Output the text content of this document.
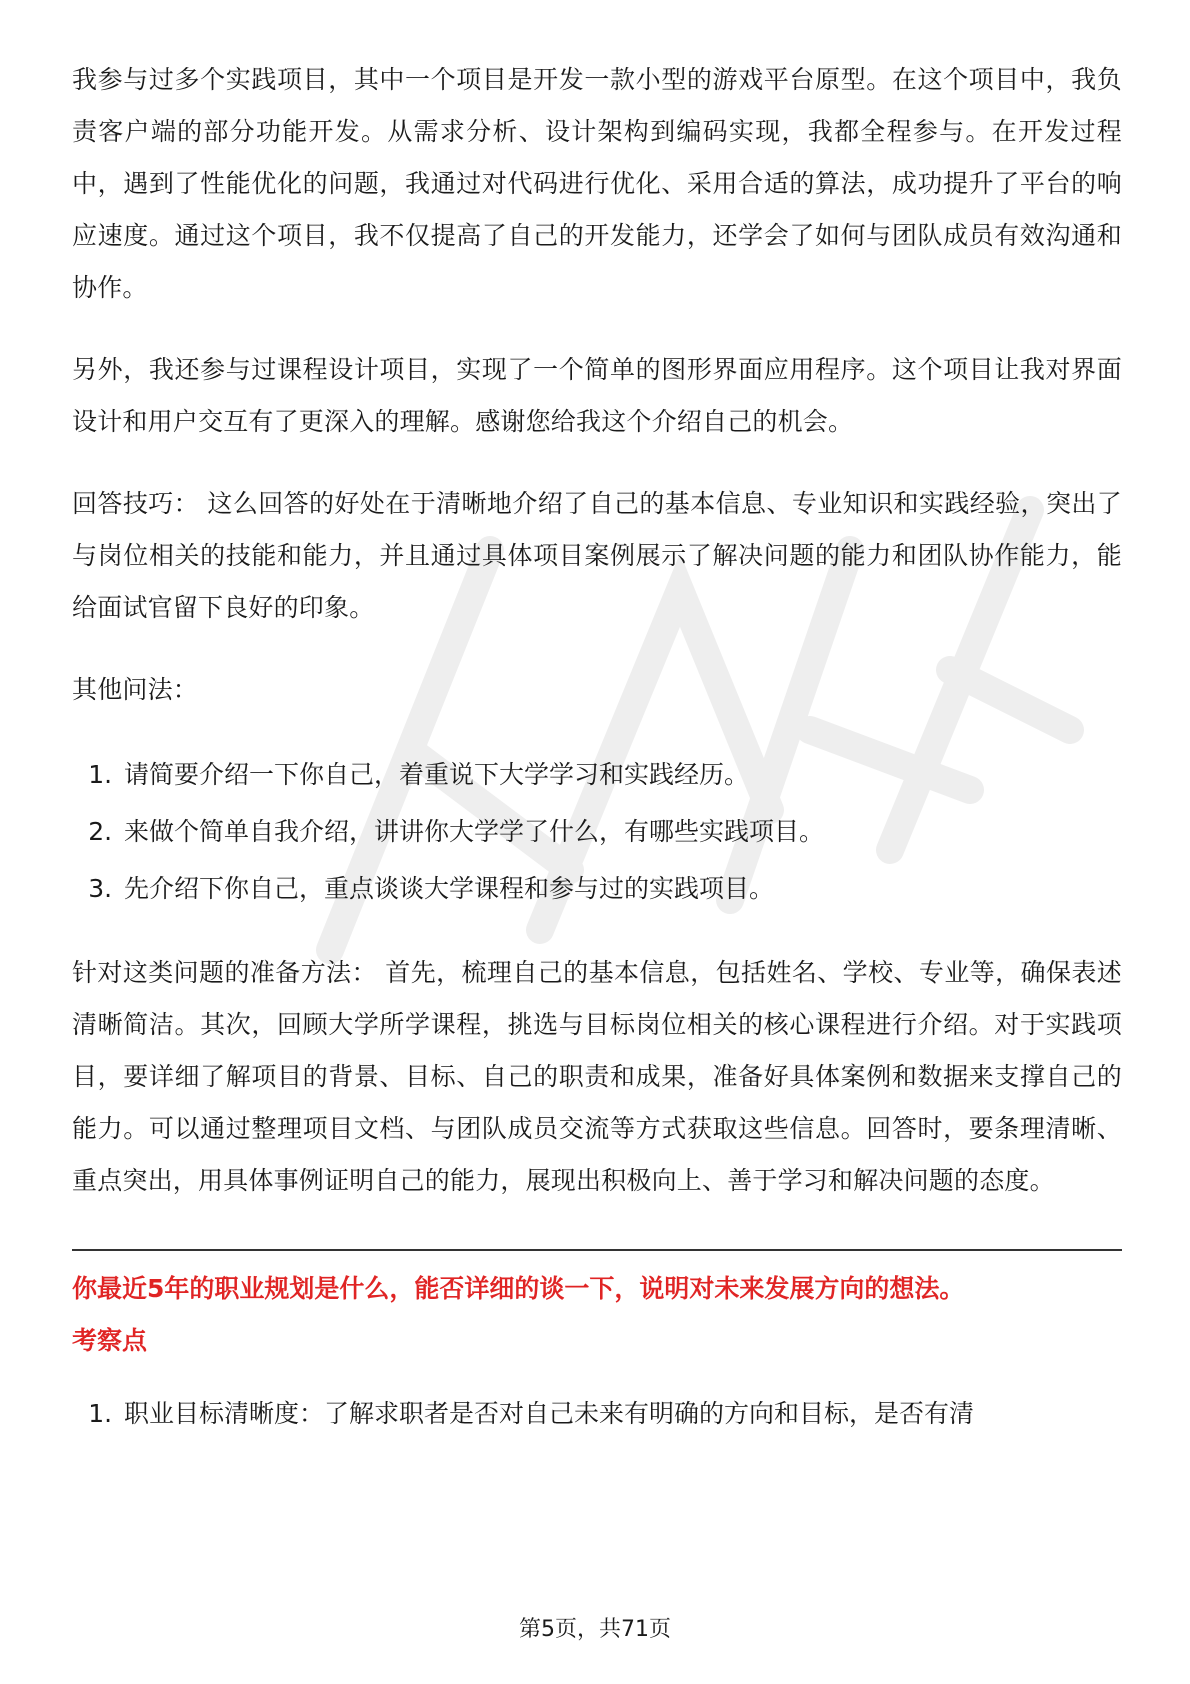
我参与过多个实践项目，其中一个项目是开发一款小型的游戏平台原型。在这个项目中，我负责客户端的部分功能开发。从需求分析、设计架构到编码实现，我都全程参与。在开发过程中，遇到了性能优化的问题，我通过对代码进行优化、采用合适的算法，成功提升了平台的响应速度。通过这个项目，我不仅提高了自己的开发能力，还学会了如何与团队成员有效沟通和协作。

另外，我还参与过课程设计项目，实现了一个简单的图形界面应用程序。这个项目让我对界面设计和用户交互有了更深入的理解。感谢您给我这个介绍自己的机会。

回答技巧： 这么回答的好处在于清晰地介绍了自己的基本信息、专业知识和实践经验，突出了与岗位相关的技能和能力，并且通过具体项目案例展示了解决问题的能力和团队协作能力，能给面试官留下良好的印象。

其他问法：

1. 请简要介绍一下你自己，着重说下大学学习和实践经历。
2. 来做个简单自我介绍，讲讲你大学学了什么，有哪些实践项目。
3. 先介绍下你自己，重点谈谈大学课程和参与过的实践项目。

针对这类问题的准备方法： 首先，梳理自己的基本信息，包括姓名、学校、专业等，确保表述清晰简洁。其次，回顾大学所学课程，挑选与目标岗位相关的核心课程进行介绍。对于实践项目，要详细了解项目的背景、目标、自己的职责和成果，准备好具体案例和数据来支撑自己的能力。可以通过整理项目文档、与团队成员交流等方式获取这些信息。回答时，要条理清晰、重点突出，用具体事例证明自己的能力，展现出积极向上、善于学习和解决问题的态度。

你最近5年的职业规划是什么，能否详细的谈一下，说明对未来发展方向的想法。

考察点

1. 职业目标清晰度：了解求职者是否对自己未来有明确的方向和目标，是否有清
第5页，共71页
